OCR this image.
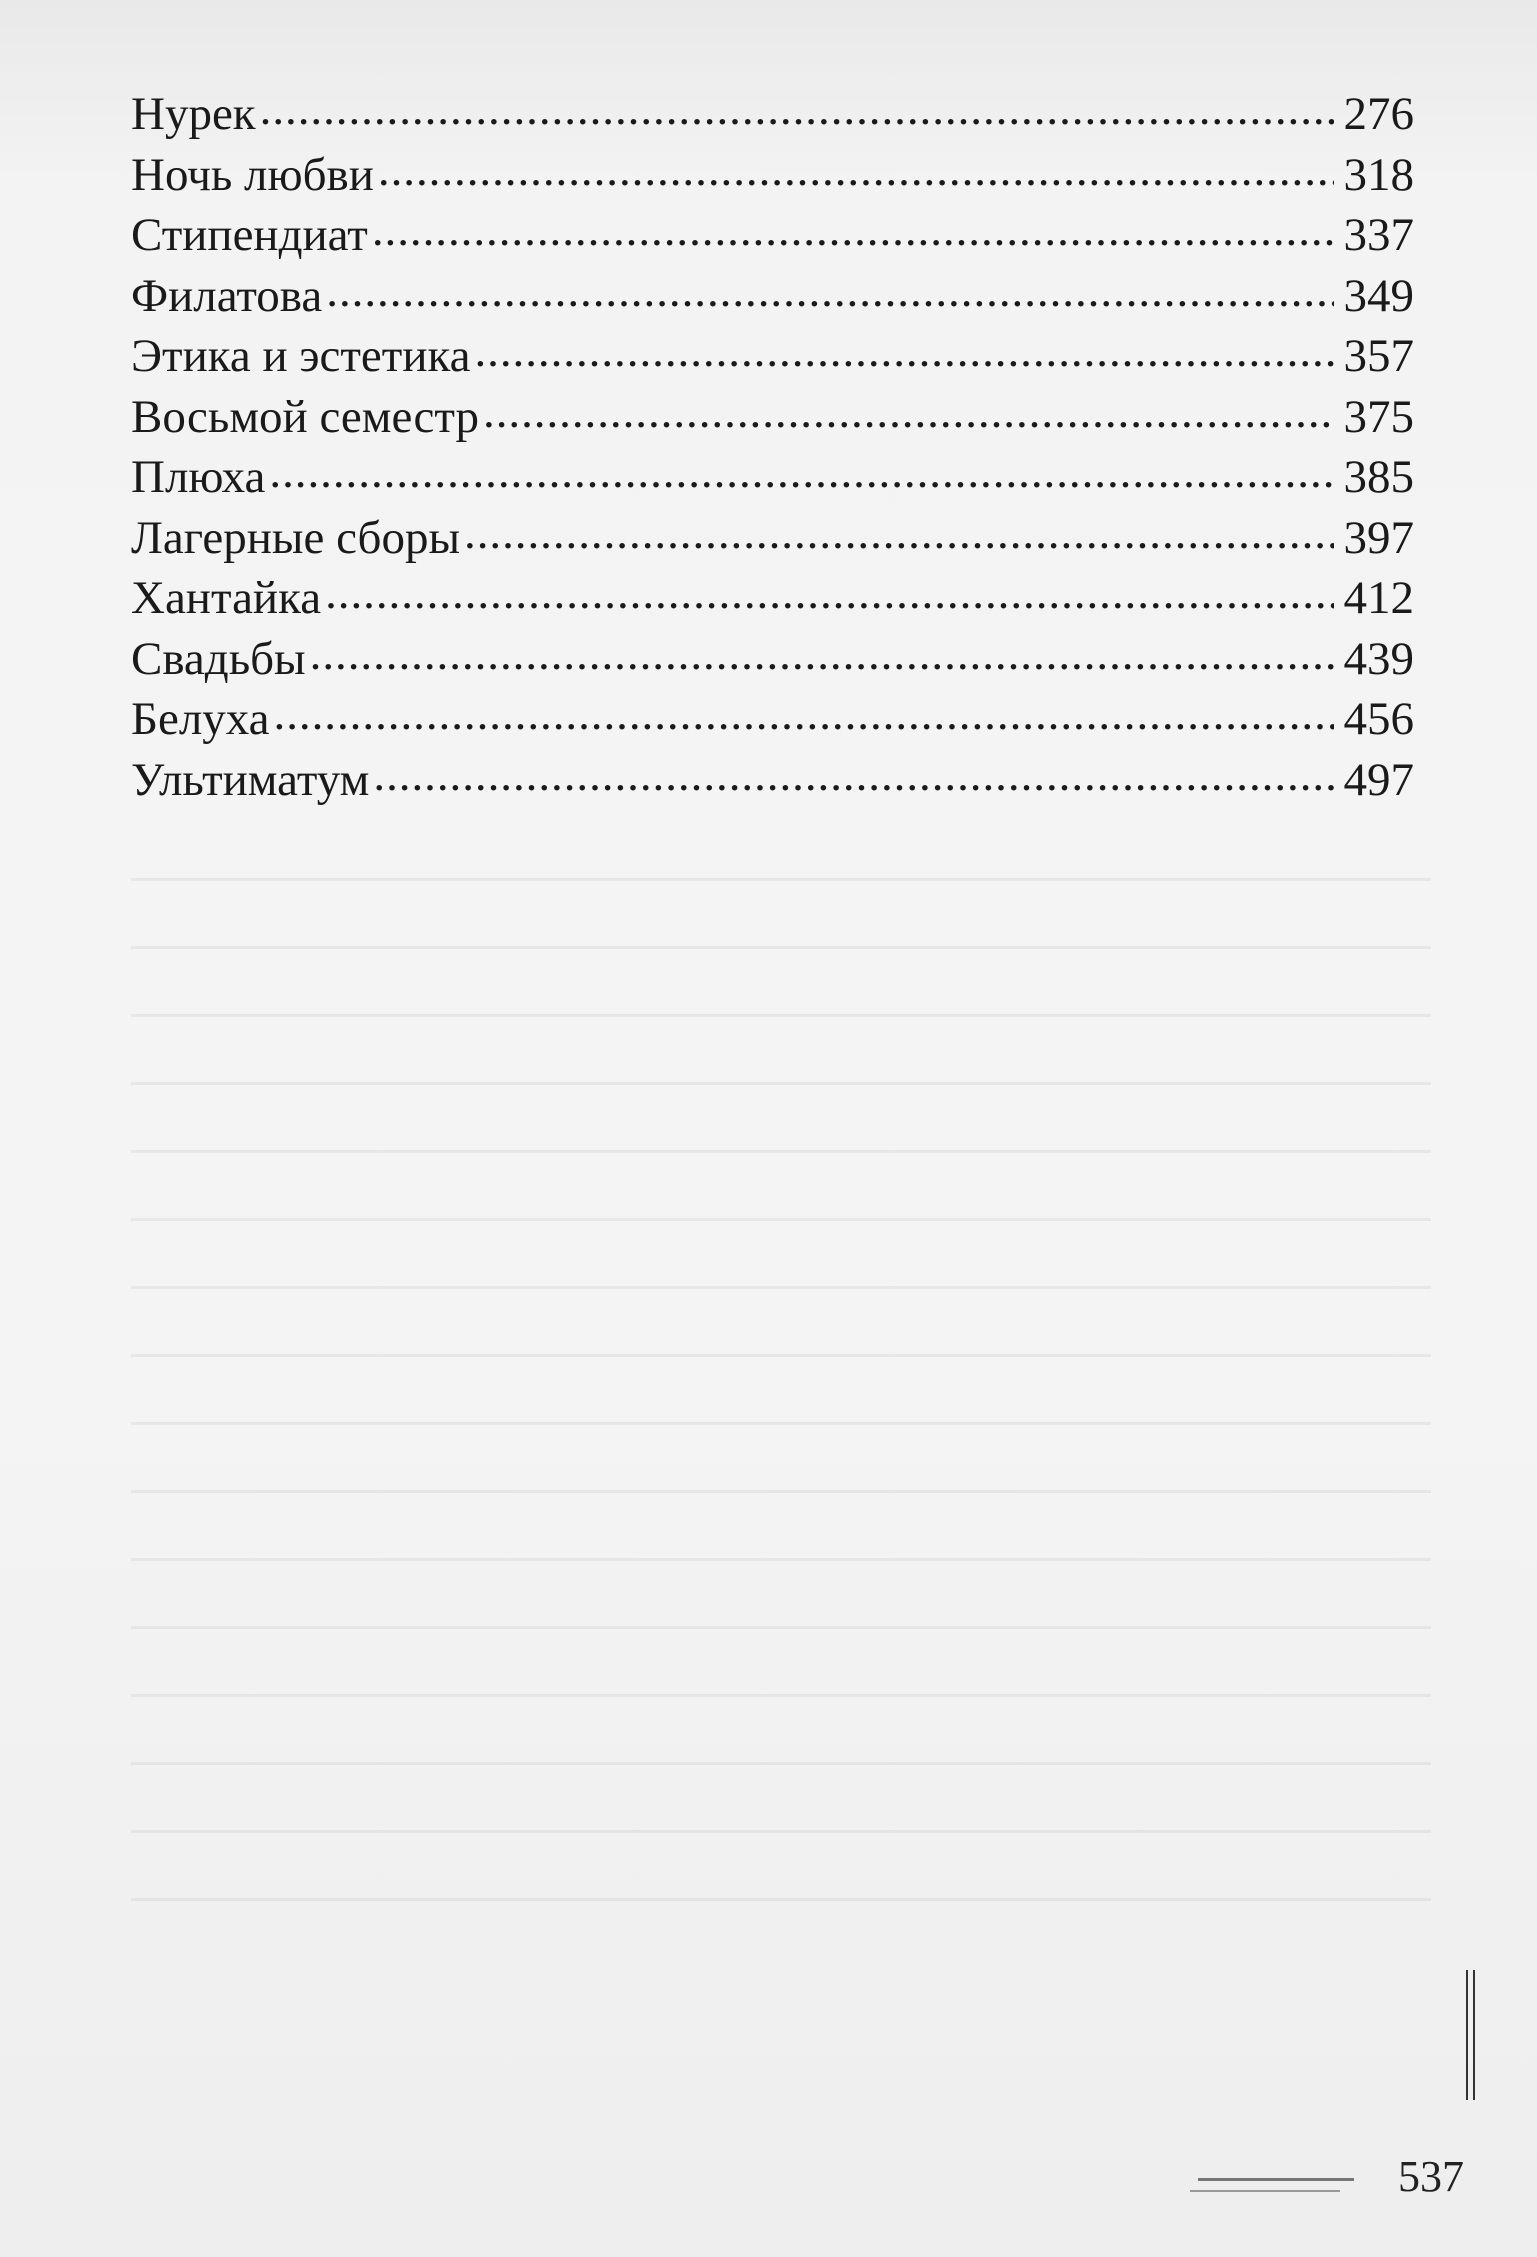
Нурек .....	276
Ночь любви .....	318
Стипендиат .....	337
Филатова .....	349
Этика и эстетика .....	357
Восьмой семестр .....	375
Плюха .....	385
Лагерные сборы .....	397
Хантайка .....	412
Свадьбы .....	439
Белуха .....	456
Ультиматум .....	497
537
